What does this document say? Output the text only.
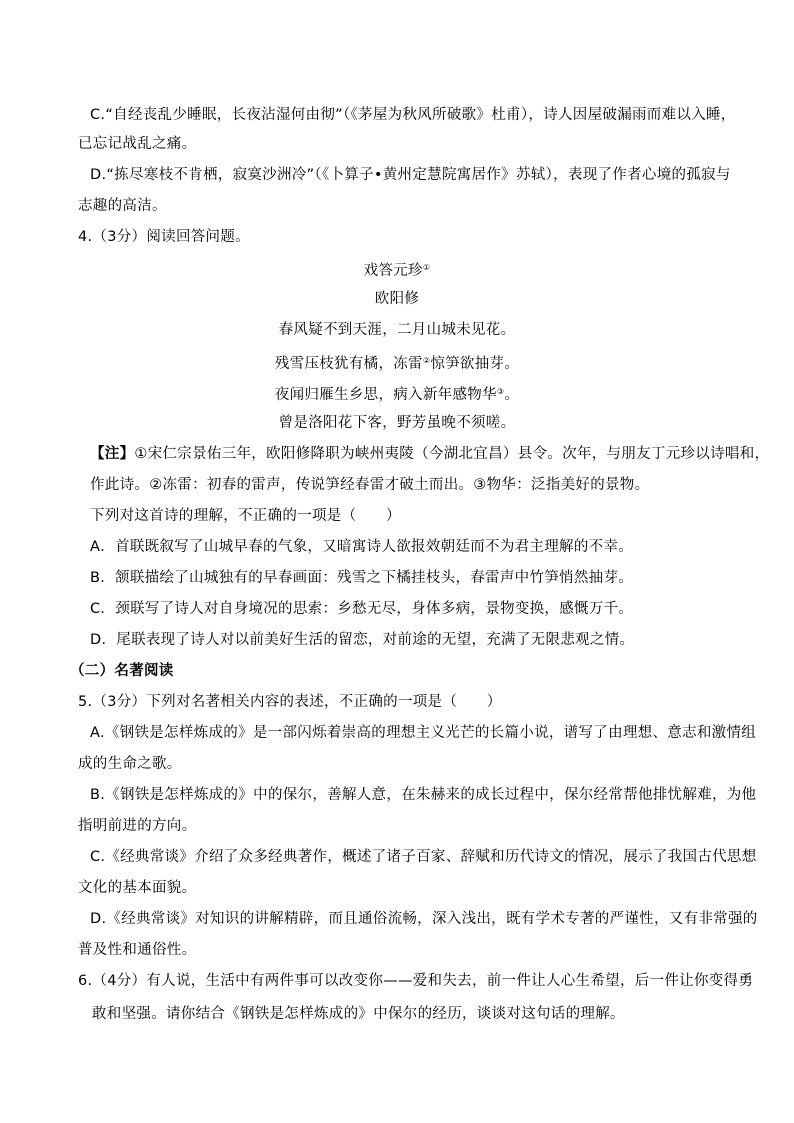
C.“自经丧乱少睡眠，长夜沾湿何由彻”（《茅屋为秋风所破歌》杜甫），诗人因屋破漏雨而难以入睡，
已忘记战乱之痛。
D.“拣尽寒枝不肯栖，寂寞沙洲冷”（《卜算子•黄州定慧院寓居作》苏轼），表现了作者心境的孤寂与
志趣的高洁。
4.（3分）阅读回答问题。
戏答元珍①
欧阳修
春风疑不到天涯，二月山城未见花。
残雪压枝犹有橘，冻雷②惊笋欲抽芽。
夜闻归雁生乡思，病入新年感物华③。
曾是洛阳花下客，野芳虽晚不须嗟。
【注】①宋仁宗景佑三年，欧阳修降职为峡州夷陵（今湖北宜昌）县令。次年，与朋友丁元珍以诗唱和，
作此诗。②冻雷：初春的雷声，传说笋经春雷才破土而出。③物华：泛指美好的景物。
下列对这首诗的理解，不正确的一项是（　　）
A．首联既叙写了山城早春的气象，又暗寓诗人欲报效朝廷而不为君主理解的不幸。
B．颔联描绘了山城独有的早春画面：残雪之下橘挂枝头，春雷声中竹笋悄然抽芽。
C．颈联写了诗人对自身境况的思索：乡愁无尽，身体多病，景物变换，感慨万千。
D．尾联表现了诗人对以前美好生活的留恋，对前途的无望，充满了无限悲观之情。
（二）名著阅读
5.（3分）下列对名著相关内容的表述，不正确的一项是（　　）
A.《钢铁是怎样炼成的》是一部闪烁着崇高的理想主义光芒的长篇小说，谱写了由理想、意志和激情组
成的生命之歌。
B.《钢铁是怎样炼成的》中的保尔，善解人意，在朱赫来的成长过程中，保尔经常帮他排忧解难，为他
指明前进的方向。
C.《经典常谈》介绍了众多经典著作，概述了诸子百家、辞赋和历代诗文的情况，展示了我国古代思想
文化的基本面貌。
D.《经典常谈》对知识的讲解精辟，而且通俗流畅，深入浅出，既有学术专著的严谨性，又有非常强的
普及性和通俗性。
6.（4分）有人说，生活中有两件事可以改变你——爱和失去，前一件让人心生希望，后一件让你变得勇
敢和坚强。请你结合《钢铁是怎样炼成的》中保尔的经历，谈谈对这句话的理解。
